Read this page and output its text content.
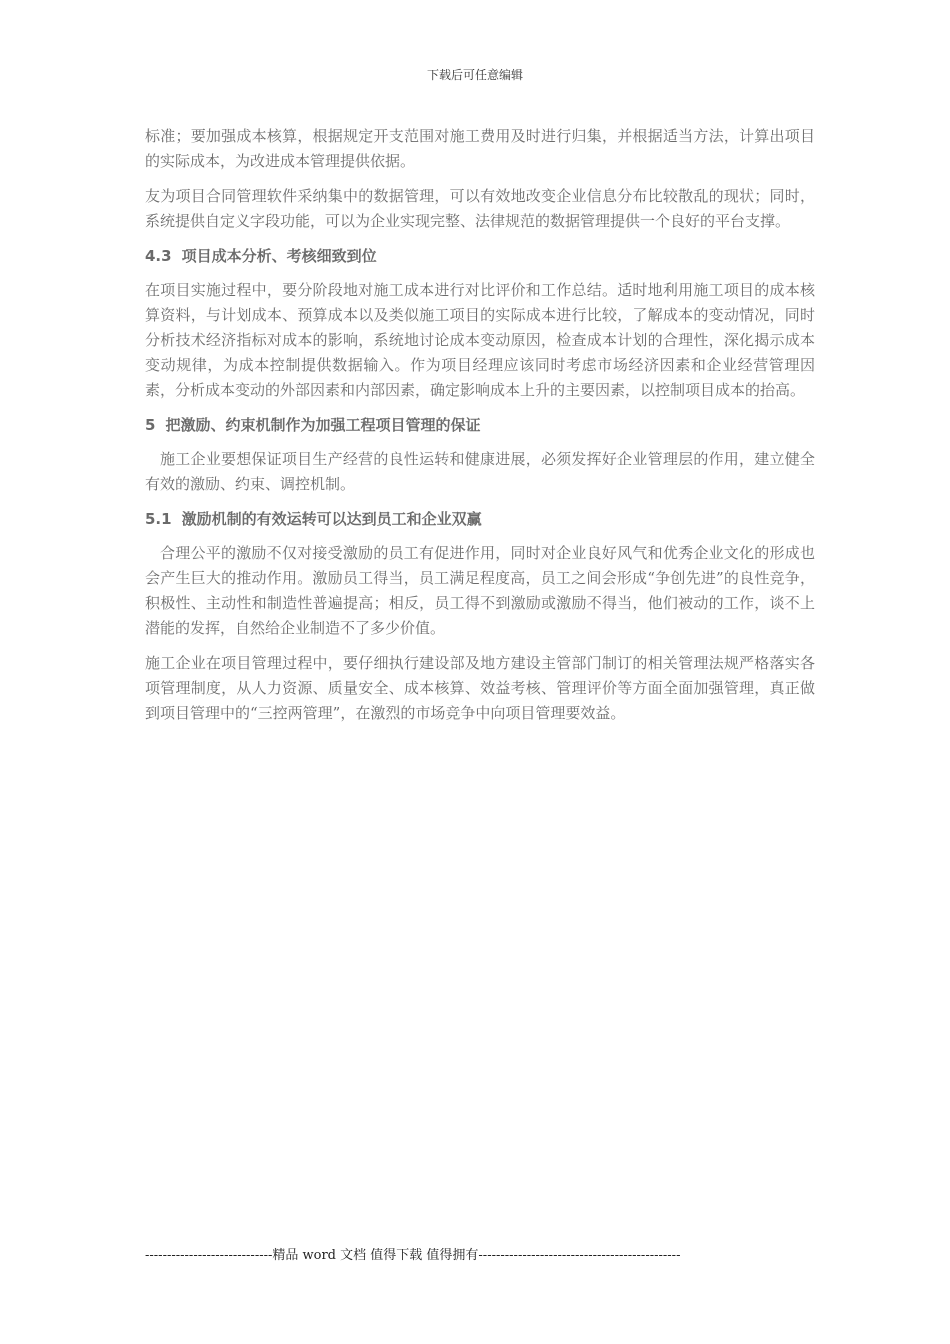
下载后可任意编辑

标准；要加强成本核算，根据规定开支范围对施工费用及时进行归集，并根据适当方法，计算出项目的实际成本，为改进成本管理提供依据。

友为项目合同管理软件采纳集中的数据管理，可以有效地改变企业信息分布比较散乱的现状；同时，系统提供自定义字段功能，可以为企业实现完整、法律规范的数据管理提供一个良好的平台支撑。

4.3 项目成本分析、考核细致到位

在项目实施过程中，要分阶段地对施工成本进行对比评价和工作总结。适时地利用施工项目的成本核算资料，与计划成本、预算成本以及类似施工项目的实际成本进行比较，了解成本的变动情况，同时分析技术经济指标对成本的影响，系统地讨论成本变动原因，检查成本计划的合理性，深化揭示成本变动规律，为成本控制提供数据输入。作为项目经理应该同时考虑市场经济因素和企业经营管理因素，分析成本变动的外部因素和内部因素，确定影响成本上升的主要因素，以控制项目成本的抬高。

5 把激励、约束机制作为加强工程项目管理的保证

施工企业要想保证项目生产经营的良性运转和健康进展，必须发挥好企业管理层的作用，建立健全有效的激励、约束、调控机制。

5.1 激励机制的有效运转可以达到员工和企业双赢

合理公平的激励不仅对接受激励的员工有促进作用，同时对企业良好风气和优秀企业文化的形成也会产生巨大的推动作用。激励员工得当，员工满足程度高，员工之间会形成“争创先进”的良性竞争，积极性、主动性和制造性普遍提高；相反，员工得不到激励或激励不得当，他们被动的工作，谈不上潜能的发挥，自然给企业制造不了多少价值。

施工企业在项目管理过程中，要仔细执行建设部及地方建设主管部门制订的相关管理法规严格落实各项管理制度，从人力资源、质量安全、成本核算、效益考核、管理评价等方面全面加强管理，真正做到项目管理中的“三控两管理”，在激烈的市场竞争中向项目管理要效益。

-----------------------------精品 word 文档 值得下载 值得拥有----------------------------------------------
